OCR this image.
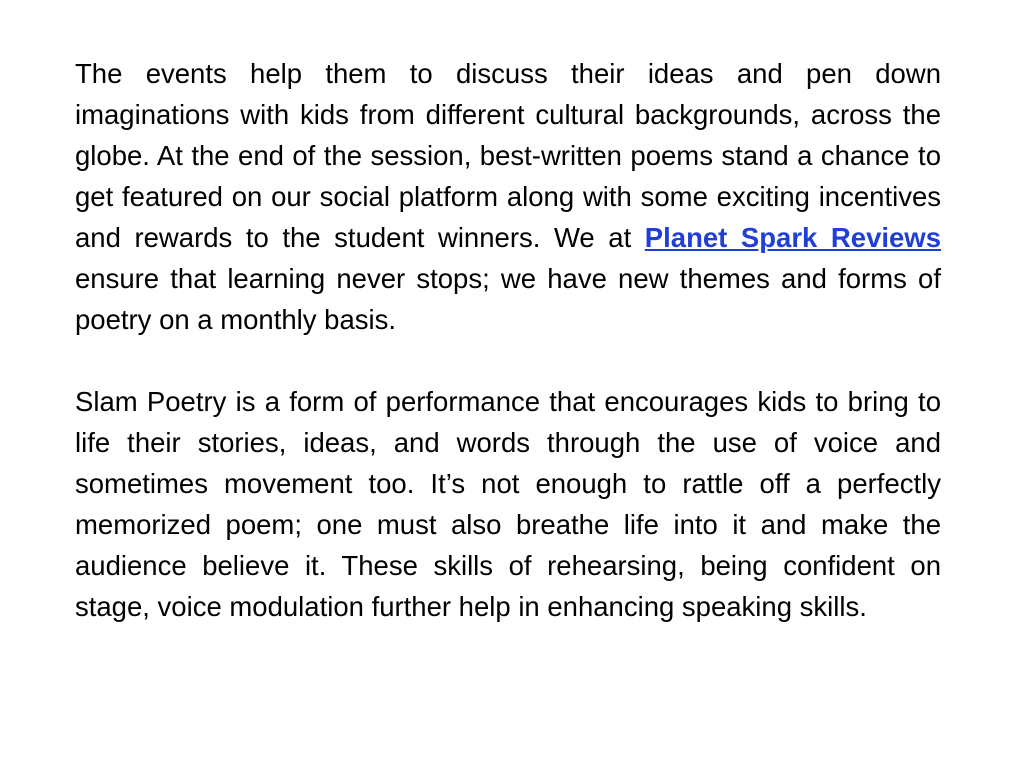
The events help them to discuss their ideas and pen down imaginations with kids from different cultural backgrounds, across the globe. At the end of the session, best-written poems stand a chance to get featured on our social platform along with some exciting incentives and rewards to the student winners. We at Planet Spark Reviews ensure that learning never stops; we have new themes and forms of poetry on a monthly basis.

Slam Poetry is a form of performance that encourages kids to bring to life their stories, ideas, and words through the use of voice and sometimes movement too. It’s not enough to rattle off a perfectly memorized poem; one must also breathe life into it and make the audience believe it. These skills of rehearsing, being confident on stage, voice modulation further help in enhancing speaking skills.
